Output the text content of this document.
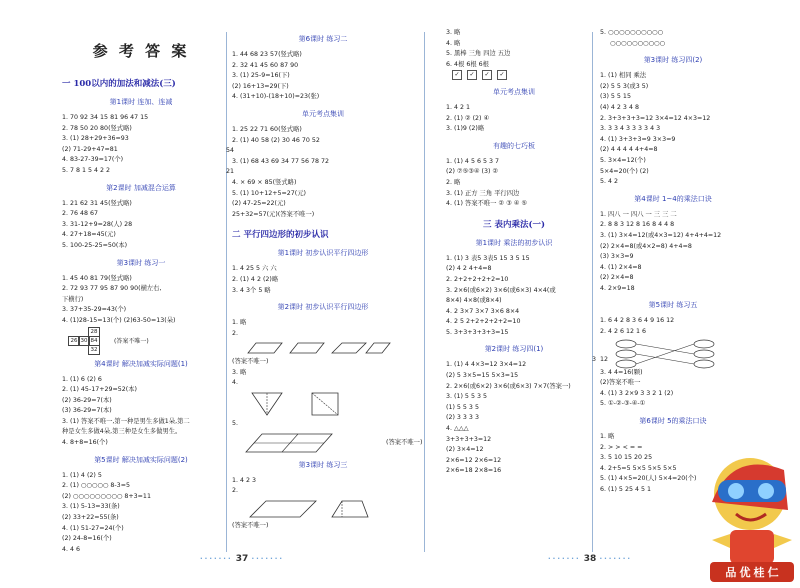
参 考 答 案
一 100以内的加法和减法(三)
第1课时 连加、连减
1. 70 92 34 15 81 96 47 15
2. 78 50 20 80(竖式略)
3. (1) 28+29+36=93
(2) 71-29+47=81
4. 83-27-39=17(个)
5. 7 8 1 5 4 2 2
第2课时 加减混合运算
1. 21 62 31 45(竖式略)
2. 76 48 67
3. 31-12+9=28(人) 28
4. 27+18=45(元)
5. 100-25-25=50(本)
第3课时 练习一
1. 45 40 81 79(竖式略)
2. 72 93 77 95 87 90 90(横左右,
下横行)
3. 37+35-29=43(个)
4. (1)28-15=13(个) (2)63-50=13(朵)
28
26 30 84
32
(答案不唯一)
第4课时 解决加减实际问题(1)
1. (1) 6 (2) 6
2. (1) 45-17+29=52(本)
(2) 36-29=7(本)
(3) 36-29=7(本)
3. (1) 答案不唯一,第一种是男生多做1朵,第二
种是女生多做4朵,第三种是女生多做男生。
4. 8+8=16(个)
第5课时 解决加减实际问题(2)
1. (1) 4 (2) 5
2. (1) ○○○○○ 8-3=5
(2) ○○○○○○○○○ 8+3=11
3. (1) 5-13=33(条)
(2) 33+22=55(条)
4. (1) 51-27=24(个)
(2) 24-8=16(个)
4. 4 6
第6课时 练习二
1. 44 68 23 57(竖式略)
2. 32 41 45 60 87 90
3. (1) 25-9=16(下)
(2) 16+13=29(下)
4. (31+10)-(18+10)=23(张)
单元考点集训
1. 25 22 71 60(竖式略)
2. (1) 40 58 (2) 30 46 70 52
54
3. (1) 68 43 69 34 77 56 78 72
21
4. × 69 × 85(竖式略)
5. (1) 10+12+5=27(元)
(2) 47-25=22(元)
25+32=57(元)(答案不唯一)
二 平行四边形的初步认识
第1课时 初步认识平行四边形
1. 4 25 5 六 六
2. (1) 4 2 (2)略
3. 4 3个 5 略
第2课时 初步认识平行四边形
1. 略
2.
(答案不唯一)
3. 略
4.
5.
(答案不唯一)
第3课时 练习三
1. 4 2 3
2.
(答案不唯一)
3. 略
4. 略
5. 黑棒 三角 四边 五边
6. 4根 6根 6根
✓ ✓ ✓ ✓
单元考点集训
1. 4 2 1
2. (1) ② (2) ④
3. (1)9 (2)略
有趣的七巧板
1. (1) 4 5 6 5 3 7
(2) ⑦⑤③④ (3) ②
2. 略
3. (1) 正方 三角 平行四边
4. (1) 答案不唯一 ② ③ ④ ⑤
三 表内乘法(一)
第1课时 乘法的初步认识
1. (1) 3 表5 3表5 15 3 5 15
(2) 4 2 4+4=8
2. 2+2+2+2+2=10
3. 2×6(或6×2) 3×6(或6×3) 4×4(或
8×4) 4×8(或8×4)
4. 2 3×7 3×7 3×6 8×4
4. 2 5 2+2+2+2+2=10
5. 3+3+3+3+3=15
第2课时 练习四(1)
1. (1) 4 4×3=12 3×4=12
(2) 5 3×5=15 5×3=15
2. 2×6(或6×2) 3×6(或6×3) 7×7(答案一)
3. (1) 5 5 3 5
(1) 5 5 3 5
(2) 3 3 3 3
4. △△△
3+3+3+3=12
(2) 3×4=12
2×6=12 2×6=12
2×6=18 2×8=16
5. ○○○○○○○○○○
○○○○○○○○○○
第3课时 练习四(2)
1. (1) 相同 乘法
(2) 5 5 3(或3 5)
(3) 5 5 15
(4) 4 2 3 4 8
2. 3+3+3+3=12 3×4=12 4×3=12
3. 3 3 4 3 3 3 3 4 3
4. (1) 3+3+3=9 3×3=9
(2) 4 4 4 4 4+4=8
5. 3×4=12(个)
5×4=20(个) (2)
5. 4 2
第4课时 1~4的乘法口诀
1. 四八 一 四八 一 三 三 二
2. 8 8 3 12 8 16 8 4 4 8
3. (1) 3×4=12(或4×3=12) 4+4+4=12
(2) 2×4=8(或4×2=8) 4+4=8
(3) 3×3=9
4. (1) 2×4=8
(2) 2×4=8
4. 2×9=18
第5课时 练习五
1. 6 4 2 8 3 6 4 9 16 12
2. 4 2 6 12 1 6
3. 4 4=16(颗)
(2)答案不唯一
4. (1) 3 2×9 3 3 2 1 (2)
5. ①-②-③-④-①
第6课时 5的乘法口诀
1. 略
2. > > < = =
3. 5 10 15 20 25
4. 2+5=5 5×5 5×5 5×5
5. (1) 4×5=20(人) 5×4=20(个)
6. (1) 5 25 4 5 1
3 12
品 优 桂 仁
······· 37 ·······	······· 38 ·······
